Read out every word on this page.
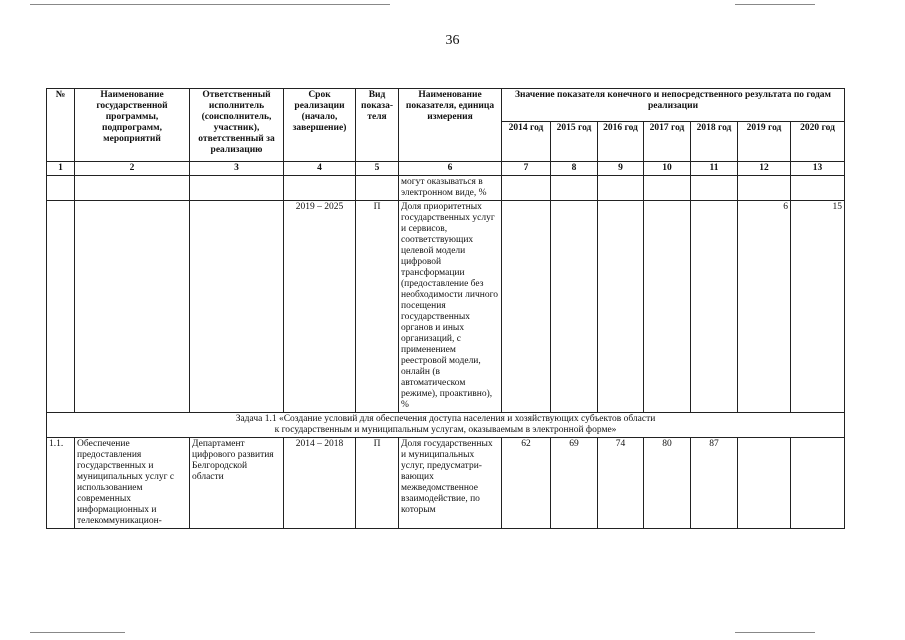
36
№	Наименование государственной программы, подпрограмм, мероприятий	Ответственный исполнитель (соисполнитель, участник), ответственный за реализацию	Срок реализации (начало, завершение)	Вид показа-теля	Наименование показателя, единица измерения	Значение показателя конечного и непосредственного результата по годам реализации						
						2014 год	2015 год	2016 год	2017 год	2018 год	2019 год	2020 год
1	2	3	4	5	6	7	8	9	10	11	12	13
					могут оказываться в электронном виде, %							
			2019 – 2025	П	Доля приоритетных государственных услуг и сервисов, соответствующих целевой модели цифровой трансформации (предоставление без необходимости личного посещения государственных органов и иных организаций, с применением реестровой модели, онлайн (в автоматическом режиме), проактивно), %						6	15

Задача 1.1 «Создание условий для обеспечения доступа населения и хозяйствующих субъектов области
к государственным и муниципальным услугам, оказываемым в электронной форме»												

1.1.	Обеспечение предоставления государственных и муниципальных услуг с использованием современных информационных и телекоммуникацион-	Департамент цифрового развития Белгородской области	2014 – 2018	П	Доля государственных и муниципальных услуг, предусматри-вающих межведомственное взаимодействие, по которым	62	69	74	80	87		
